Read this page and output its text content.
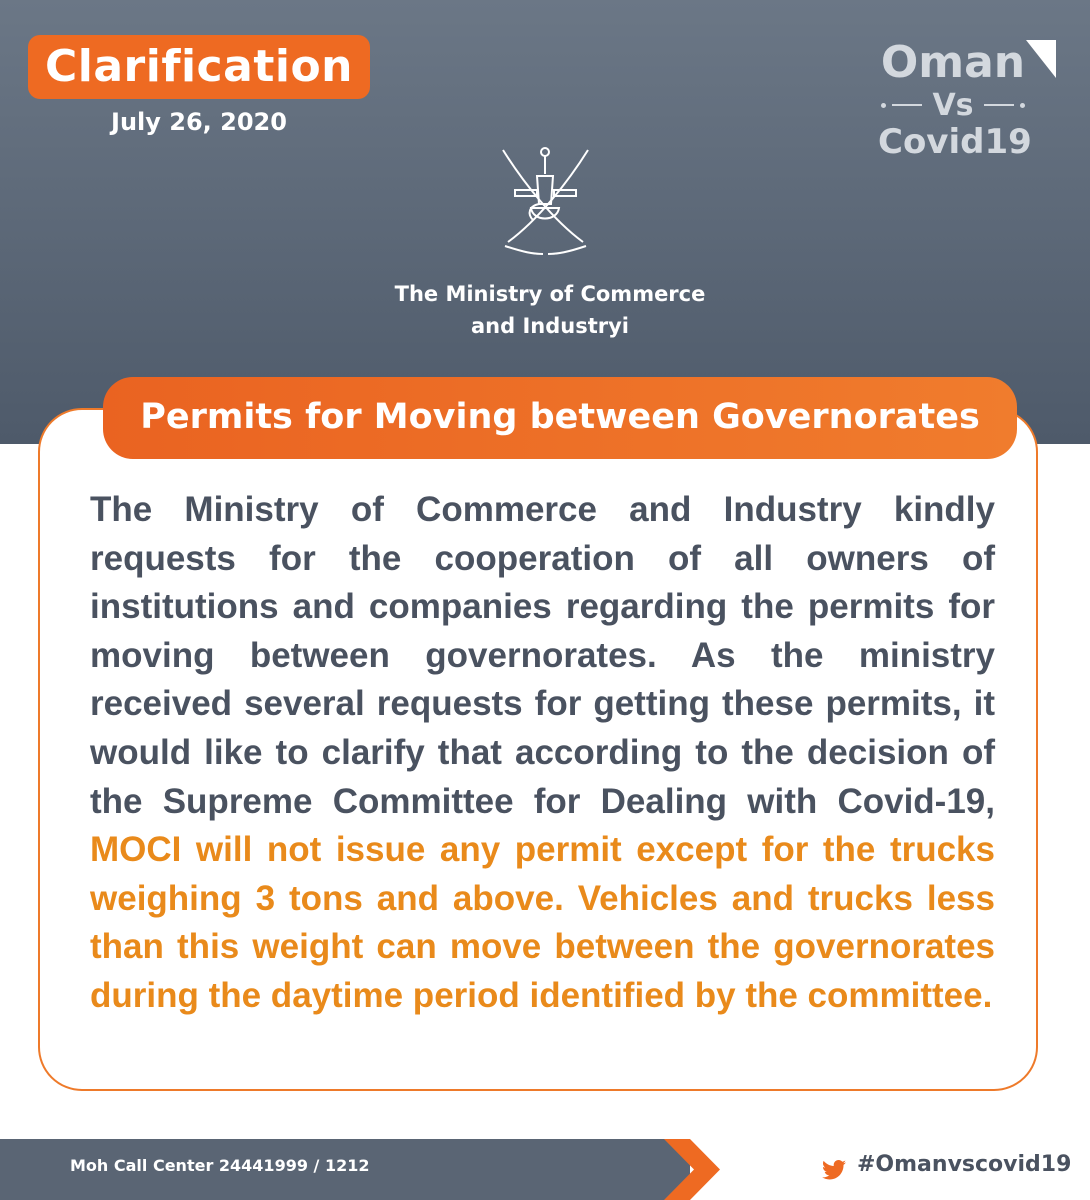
Clarification
July 26, 2020
Oman
Vs
Covid19
The Ministry of Commerce
and Industryi
Permits for Moving between Governorates
The Ministry of Commerce and Industry kindly requests for the cooperation of all owners of institutions and companies regarding the permits for moving between governorates. As the ministry received several requests for getting these permits, it would like to clarify that according to the decision of the Supreme Committee for Dealing with Covid-19, MOCI will not issue any permit except for the trucks weighing 3 tons and above. Vehicles and trucks less than this weight can move between the governorates during the daytime period identified by the committee.
Moh Call Center 24441999 / 1212	#Omanvscovid19
